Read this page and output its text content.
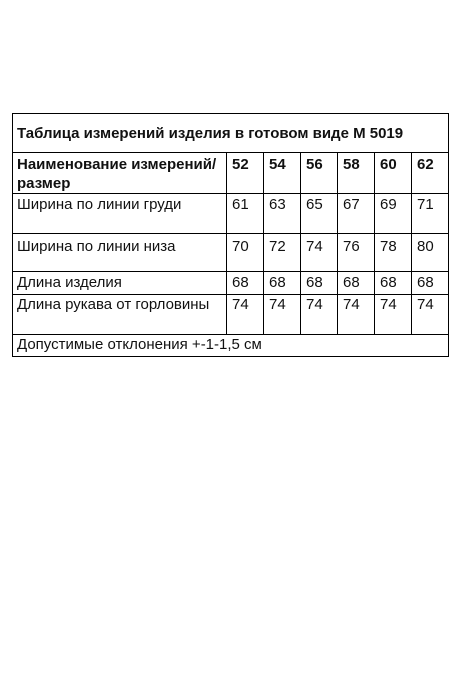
Таблица измерений изделия в готовом виде М 5019						
Наименование измерений/размер	52	54	56	58	60	62
Ширина по линии груди	61	63	65	67	69	71
Ширина по линии низа	70	72	74	76	78	80
Длина изделия	68	68	68	68	68	68
Длина рукава от горловины	74	74	74	74	74	74
Допустимые отклонения +-1-1,5 см						
